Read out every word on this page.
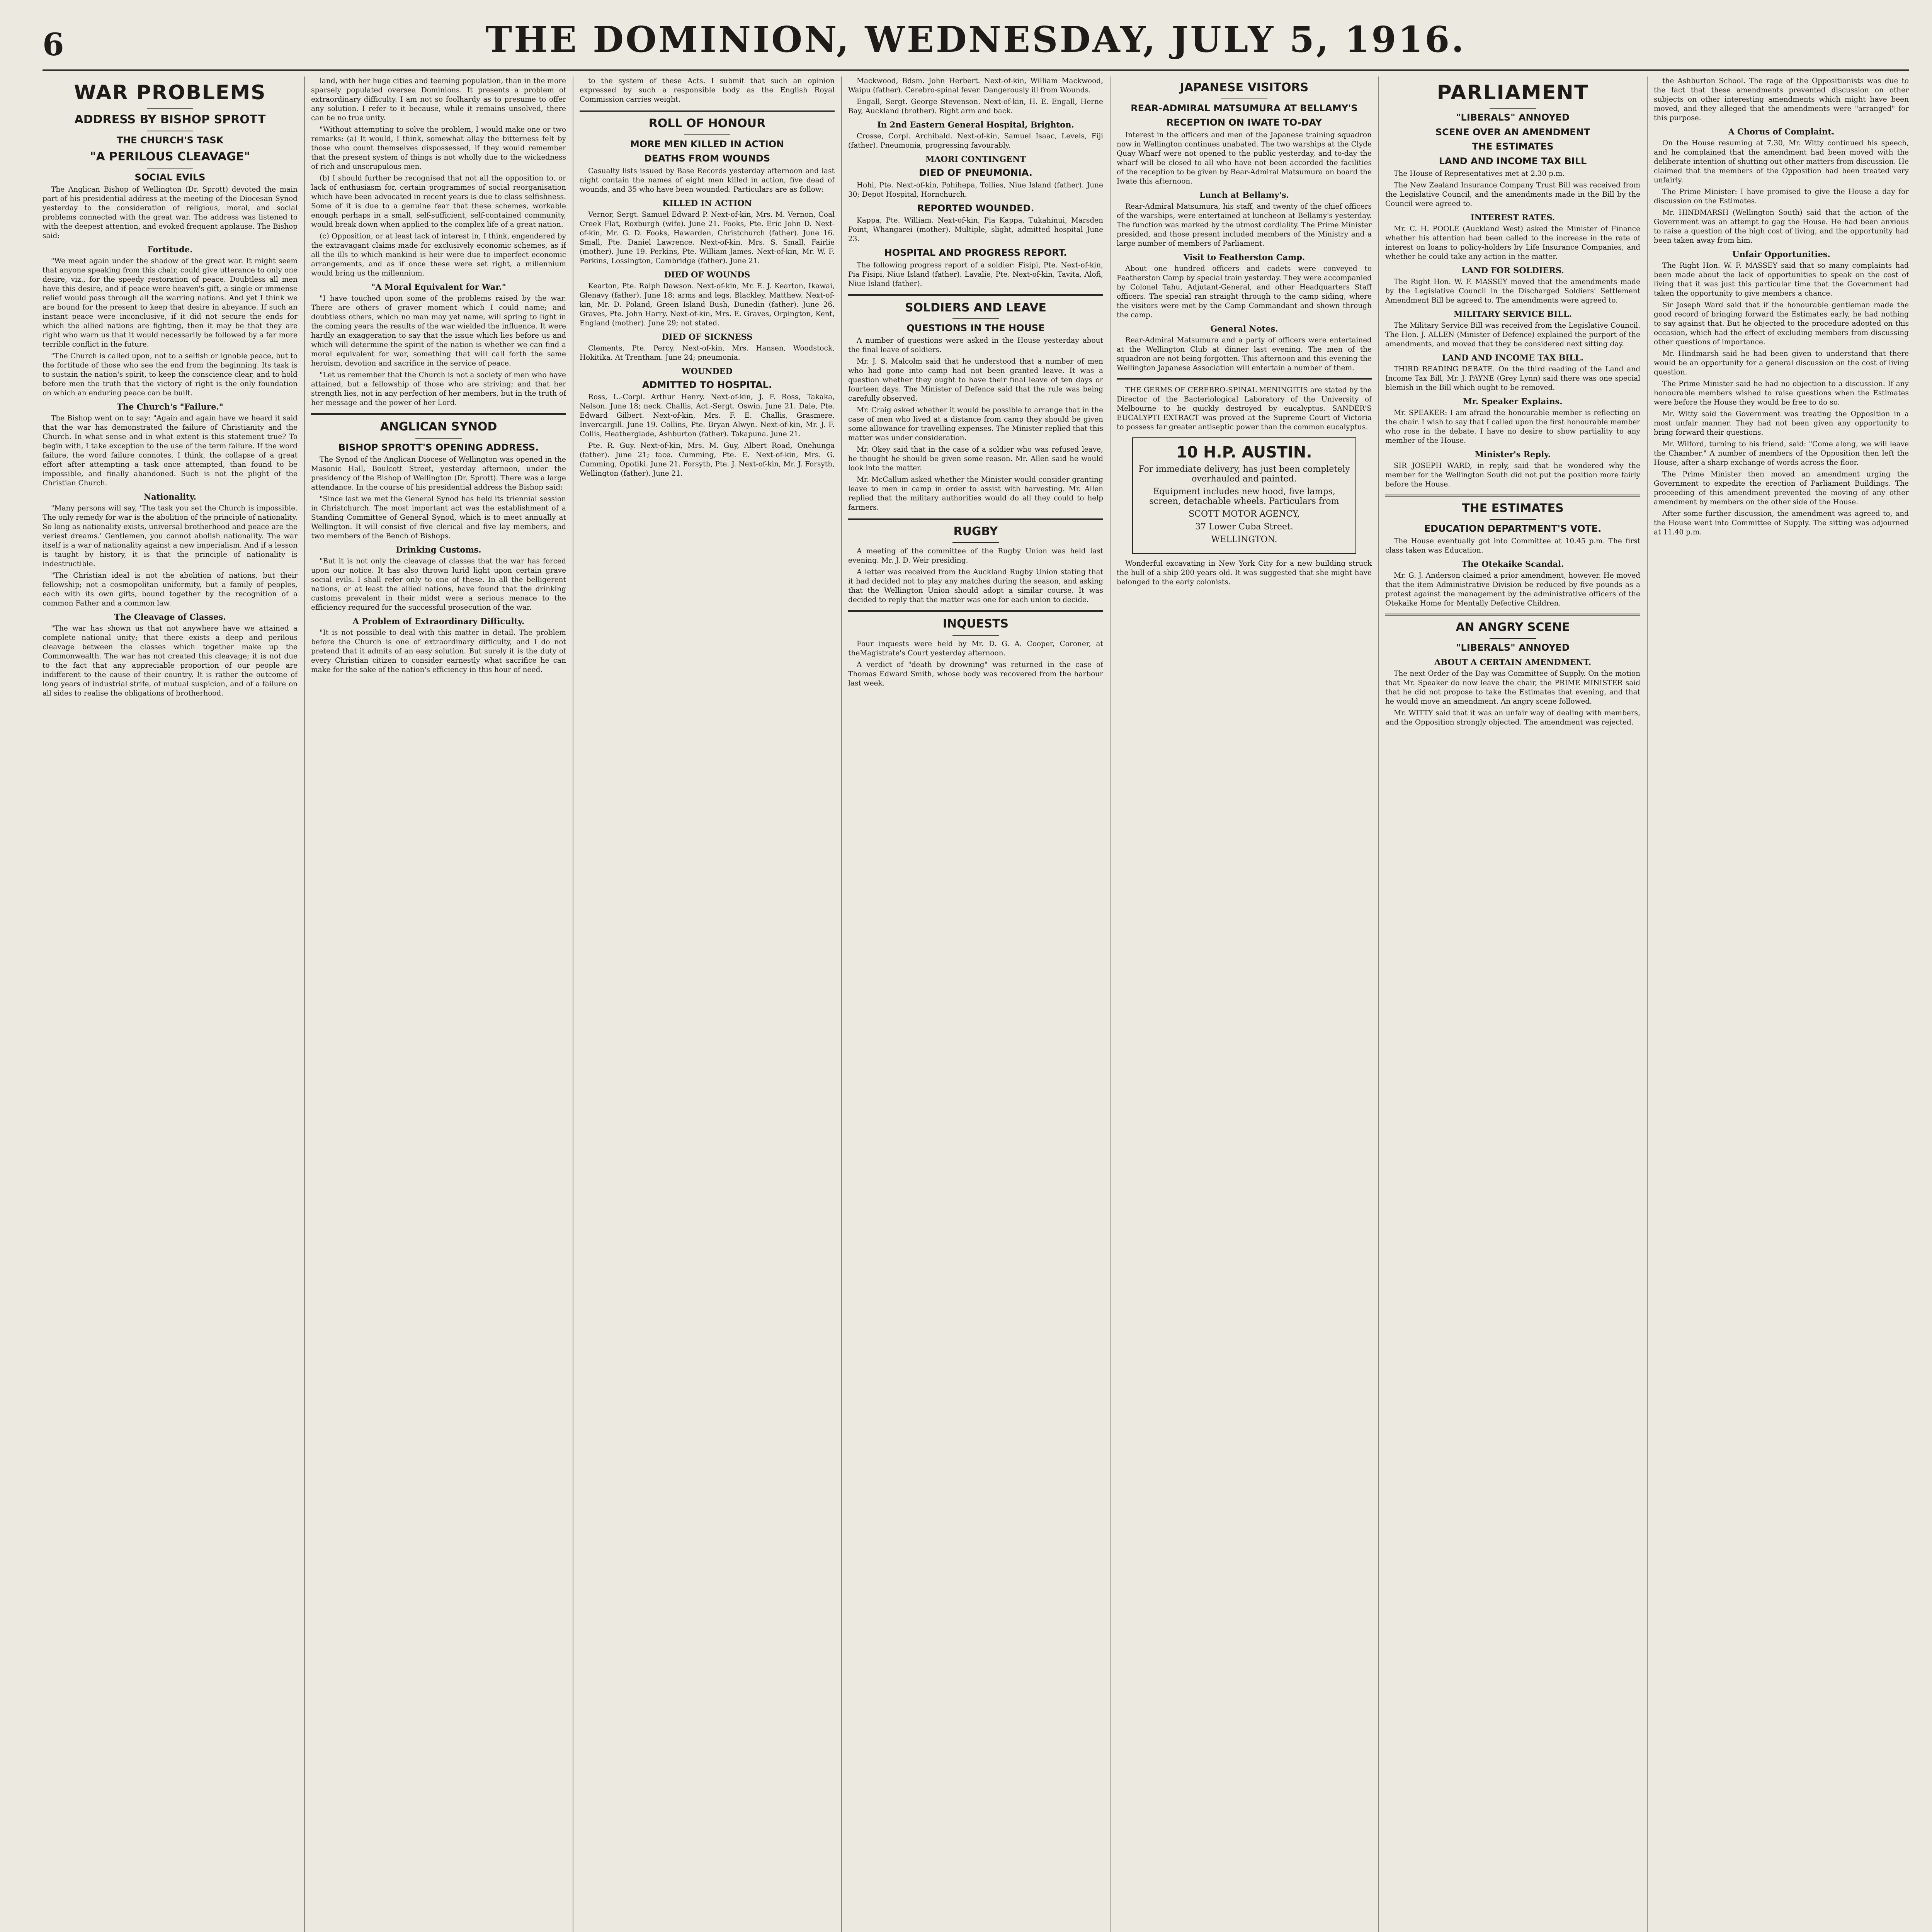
6	THE DOMINION, WEDNESDAY, JULY 5, 1916.
WAR PROBLEMS
ADDRESS BY BISHOP SPROTT
THE CHURCH'S TASK
"A PERILOUS CLEAVAGE"
SOCIAL EVILS

The Anglican Bishop of Wellington (Dr. Sprott) devoted the main part of his presidential address at the meeting of the Diocesan Synod yesterday to the consideration of religious, moral, and social problems connected with the great war. The address was listened to with the deepest attention, and evoked frequent applause. The Bishop said:

Fortitude.

"We meet again under the shadow of the great war. It might seem that anyone speaking from this chair, could give utterance to only one desire, viz., for the speedy restoration of peace. Doubtless all men have this desire, and if peace were heaven's gift, a single or immense relief would pass through all the warring nations. And yet I think we are bound for the present to keep that desire in abeyance. If such an instant peace were inconclusive, if it did not secure the ends for which the allied nations are fighting, then it may be that they are right who warn us that it would necessarily be followed by a far more terrible conflict in the future.

"The Church is called upon, not to a selfish or ignoble peace, but to the fortitude of those who see the end from the beginning. Its task is to sustain the nation's spirit, to keep the conscience clear, and to hold before men the truth that the victory of right is the only foundation on which an enduring peace can be built.

The Church's "Failure."

The Bishop went on to say: "Again and again have we heard it said that the war has demonstrated the failure of Christianity and the Church. In what sense and in what extent is this statement true? To begin with, I take exception to the use of the term failure. If the word failure, the word failure connotes, I think, the collapse of a great effort after attempting a task once attempted, than found to be impossible, and finally abandoned. Such is not the plight of the Christian Church.

Nationality.

"Many persons will say, 'The task you set the Church is impossible. The only remedy for war is the abolition of the principle of nationality. So long as nationality exists, universal brotherhood and peace are the veriest dreams.' Gentlemen, you cannot abolish nationality. The war itself is a war of nationality against a new imperialism. And if a lesson is taught by history, it is that the principle of nationality is indestructible.

"The Christian ideal is not the abolition of nations, but their fellowship; not a cosmopolitan uniformity, but a family of peoples, each with its own gifts, bound together by the recognition of a common Father and a common law.

The Cleavage of Classes.

"The war has shown us that not anywhere have we attained a complete national unity; that there exists a deep and perilous cleavage between the classes which together make up the Commonwealth. The war has not created this cleavage; it is not due to the fact that any appreciable proportion of our people are indifferent to the cause of their country. It is rather the outcome of long years of industrial strife, of mutual suspicion, and of a failure on all sides to realise the obligations of brotherhood.

land, with her huge cities and teeming population, than in the more sparsely populated oversea Dominions. It presents a problem of extraordinary difficulty. I am not so foolhardy as to presume to offer any solution. I refer to it because, while it remains unsolved, there can be no true unity.

"Without attempting to solve the problem, I would make one or two remarks: (a) It would, I think, somewhat allay the bitterness felt by those who count themselves dispossessed, if they would remember that the present system of things is not wholly due to the wickedness of rich and unscrupulous men.

(b) I should further be recognised that not all the opposition to, or lack of enthusiasm for, certain programmes of social reorganisation which have been advocated in recent years is due to class selfishness. Some of it is due to a genuine fear that these schemes, workable enough perhaps in a small, self-sufficient, self-contained community, would break down when applied to the complex life of a great nation.

(c) Opposition, or at least lack of interest in, I think, engendered by the extravagant claims made for exclusively economic schemes, as if all the ills to which mankind is heir were due to imperfect economic arrangements, and as if once these were set right, a millennium would bring us the millennium.

"A Moral Equivalent for War."

"I have touched upon some of the problems raised by the war. There are others of graver moment which I could name; and doubtless others, which no man may yet name, will spring to light in the coming years the results of the war wielded the influence. It were hardly an exaggeration to say that the issue which lies before us and which will determine the spirit of the nation is whether we can find a moral equivalent for war, something that will call forth the same heroism, devotion and sacrifice in the service of peace.

"Let us remember that the Church is not a society of men who have attained, but a fellowship of those who are striving; and that her strength lies, not in any perfection of her members, but in the truth of her message and the power of her Lord.

ANGLICAN SYNOD
BISHOP SPROTT'S OPENING ADDRESS.

The Synod of the Anglican Diocese of Wellington was opened in the Masonic Hall, Boulcott Street, yesterday afternoon, under the presidency of the Bishop of Wellington (Dr. Sprott). There was a large attendance. In the course of his presidential address the Bishop said:

"Since last we met the General Synod has held its triennial session in Christchurch. The most important act was the establishment of a Standing Committee of General Synod, which is to meet annually at Wellington. It will consist of five clerical and five lay members, and two members of the Bench of Bishops.

Drinking Customs.

"But it is not only the cleavage of classes that the war has forced upon our notice. It has also thrown lurid light upon certain grave social evils. I shall refer only to one of these. In all the belligerent nations, or at least the allied nations, have found that the drinking customs prevalent in their midst were a serious menace to the efficiency required for the successful prosecution of the war.

A Problem of Extraordinary Difficulty.

"It is not possible to deal with this matter in detail. The problem before the Church is one of extraordinary difficulty, and I do not pretend that it admits of an easy solution. But surely it is the duty of every Christian citizen to consider earnestly what sacrifice he can make for the sake of the nation's efficiency in this hour of need.

to the system of these Acts. I submit that such an opinion expressed by such a responsible body as the English Royal Commission carries weight.

ROLL OF HONOUR
MORE MEN KILLED IN ACTION
DEATHS FROM WOUNDS

Casualty lists issued by Base Records yesterday afternoon and last night contain the names of eight men killed in action, five dead of wounds, and 35 who have been wounded. Particulars are as follow:

KILLED IN ACTION

Vernor, Sergt. Samuel Edward P. Next-of-kin, Mrs. M. Vernon, Coal Creek Flat, Roxburgh (wife). June 21. Fooks, Pte. Eric John D. Next-of-kin, Mr. G. D. Fooks, Hawarden, Christchurch (father). June 16. Small, Pte. Daniel Lawrence. Next-of-kin, Mrs. S. Small, Fairlie (mother). June 19. Perkins, Pte. William James. Next-of-kin, Mr. W. F. Perkins, Lossington, Cambridge (father). June 21.

DIED OF WOUNDS

Kearton, Pte. Ralph Dawson. Next-of-kin, Mr. E. J. Kearton, Ikawai, Glenavy (father). June 18; arms and legs. Blackley, Matthew. Next-of-kin, Mr. D. Poland, Green Island Bush, Dunedin (father). June 26. Graves, Pte. John Harry. Next-of-kin, Mrs. E. Graves, Orpington, Kent, England (mother). June 29; not stated.

DIED OF SICKNESS

Clements, Pte. Percy. Next-of-kin, Mrs. Hansen, Woodstock, Hokitika. At Trentham. June 24; pneumonia.

WOUNDED
ADMITTED TO HOSPITAL.

Ross, L.-Corpl. Arthur Henry. Next-of-kin, J. F. Ross, Takaka, Nelson. June 18; neck. Challis, Act.-Sergt. Oswin. June 21. Dale, Pte. Edward Gilbert. Next-of-kin, Mrs. F. E. Challis, Grasmere, Invercargill. June 19. Collins, Pte. Bryan Alwyn. Next-of-kin, Mr. J. F. Collis, Heatherglade, Ashburton (father). Takapuna. June 21.

Pte. R. Guy. Next-of-kin, Mrs. M. Guy, Albert Road, Onehunga (father). June 21; face. Cumming, Pte. E. Next-of-kin, Mrs. G. Cumming, Opotiki. June 21. Forsyth, Pte. J. Next-of-kin, Mr. J. Forsyth, Wellington (father). June 21.

Mackwood, Bdsm. John Herbert. Next-of-kin, William Mackwood, Waipu (father). Cerebro-spinal fever. Dangerously ill from Wounds.

Engall, Sergt. George Stevenson. Next-of-kin, H. E. Engall, Herne Bay, Auckland (brother). Right arm and back.

In 2nd Eastern General Hospital, Brighton.

Crosse, Corpl. Archibald. Next-of-kin, Samuel Isaac, Levels, Fiji (father). Pneumonia, progressing favourably.

MAORI CONTINGENT
DIED OF PNEUMONIA.

Hohi, Pte. Next-of-kin, Pohihepa, Tollies, Niue Island (father). June 30; Depot Hospital, Hornchurch.

REPORTED WOUNDED.

Kappa, Pte. William. Next-of-kin, Pia Kappa, Tukahinui, Marsden Point, Whangarei (mother). Multiple, slight, admitted hospital June 23.

HOSPITAL AND PROGRESS REPORT.

The following progress report of a soldier: Fisipi, Pte. Next-of-kin, Pia Fisipi, Niue Island (father). Lavalie, Pte. Next-of-kin, Tavita, Alofi, Niue Island (father).

SOLDIERS AND LEAVE
QUESTIONS IN THE HOUSE

A number of questions were asked in the House yesterday about the final leave of soldiers.

Mr. J. S. Malcolm said that he understood that a number of men who had gone into camp had not been granted leave. It was a question whether they ought to have their final leave of ten days or fourteen days. The Minister of Defence said that the rule was being carefully observed.

Mr. Craig asked whether it would be possible to arrange that in the case of men who lived at a distance from camp they should be given some allowance for travelling expenses. The Minister replied that this matter was under consideration.

Mr. Okey said that in the case of a soldier who was refused leave, he thought he should be given some reason. Mr. Allen said he would look into the matter.

Mr. McCallum asked whether the Minister would consider granting leave to men in camp in order to assist with harvesting. Mr. Allen replied that the military authorities would do all they could to help farmers.

RUGBY

A meeting of the committee of the Rugby Union was held last evening. Mr. J. D. Weir presiding.

A letter was received from the Auckland Rugby Union stating that it had decided not to play any matches during the season, and asking that the Wellington Union should adopt a similar course. It was decided to reply that the matter was one for each union to decide.

INQUESTS

Four inquests were held by Mr. D. G. A. Cooper, Coroner, at theMagistrate's Court yesterday afternoon.

A verdict of "death by drowning" was returned in the case of Thomas Edward Smith, whose body was recovered from the harbour last week.

JAPANESE VISITORS
REAR-ADMIRAL MATSUMURA AT BELLAMY'S
RECEPTION ON IWATE TO-DAY

Interest in the officers and men of the Japanese training squadron now in Wellington continues unabated. The two warships at the Clyde Quay Wharf were not opened to the public yesterday, and to-day the wharf will be closed to all who have not been accorded the facilities of the reception to be given by Rear-Admiral Matsumura on board the Iwate this afternoon.

Lunch at Bellamy's.

Rear-Admiral Matsumura, his staff, and twenty of the chief officers of the warships, were entertained at luncheon at Bellamy's yesterday. The function was marked by the utmost cordiality. The Prime Minister presided, and those present included members of the Ministry and a large number of members of Parliament.

Visit to Featherston Camp.

About one hundred officers and cadets were conveyed to Featherston Camp by special train yesterday. They were accompanied by Colonel Tahu, Adjutant-General, and other Headquarters Staff officers. The special ran straight through to the camp siding, where the visitors were met by the Camp Commandant and shown through the camp.

General Notes.

Rear-Admiral Matsumura and a party of officers were entertained at the Wellington Club at dinner last evening. The men of the squadron are not being forgotten. This afternoon and this evening the Wellington Japanese Association will entertain a number of them.

THE GERMS OF CEREBRO-SPINAL MENINGITIS are stated by the Director of the Bacteriological Laboratory of the University of Melbourne to be quickly destroyed by eucalyptus. SANDER'S EUCALYPTI EXTRACT was proved at the Supreme Court of Victoria to possess far greater antiseptic power than the common eucalyptus.

10 H.P. AUSTIN.
For immediate delivery, has just been completely overhauled and painted.
Equipment includes new hood, five lamps, screen, detachable wheels. Particulars from
SCOTT MOTOR AGENCY,
37 Lower Cuba Street.
WELLINGTON.

Wonderful excavating in New York City for a new building struck the hull of a ship 200 years old. It was suggested that she might have belonged to the early colonists.

PARLIAMENT
"LIBERALS" ANNOYED
SCENE OVER AN AMENDMENT
THE ESTIMATES
LAND AND INCOME TAX BILL

The House of Representatives met at 2.30 p.m.

The New Zealand Insurance Company Trust Bill was received from the Legislative Council, and the amendments made in the Bill by the Council were agreed to.

INTEREST RATES.

Mr. C. H. POOLE (Auckland West) asked the Minister of Finance whether his attention had been called to the increase in the rate of interest on loans to policy-holders by Life Insurance Companies, and whether he could take any action in the matter.

LAND FOR SOLDIERS.

The Right Hon. W. F. MASSEY moved that the amendments made by the Legislative Council in the Discharged Soldiers' Settlement Amendment Bill be agreed to. The amendments were agreed to.

MILITARY SERVICE BILL.

The Military Service Bill was received from the Legislative Council. The Hon. J. ALLEN (Minister of Defence) explained the purport of the amendments, and moved that they be considered next sitting day.

LAND AND INCOME TAX BILL.

THIRD READING DEBATE. On the third reading of the Land and Income Tax Bill, Mr. J. PAYNE (Grey Lynn) said there was one special blemish in the Bill which ought to be removed.

Mr. Speaker Explains.

Mr. SPEAKER: I am afraid the honourable member is reflecting on the chair. I wish to say that I called upon the first honourable member who rose in the debate. I have no desire to show partiality to any member of the House.

Minister's Reply.

SIR JOSEPH WARD, in reply, said that he wondered why the member for the Wellington South did not put the position more fairly before the House.

THE ESTIMATES
EDUCATION DEPARTMENT'S VOTE.

The House eventually got into Committee at 10.45 p.m. The first class taken was Education.

The Otekaike Scandal.

Mr. G. J. Anderson claimed a prior amendment, however. He moved that the item Administrative Division be reduced by five pounds as a protest against the management by the administrative officers of the Otekaike Home for Mentally Defective Children.

AN ANGRY SCENE
"LIBERALS" ANNOYED
ABOUT A CERTAIN AMENDMENT.

The next Order of the Day was Committee of Supply. On the motion that Mr. Speaker do now leave the chair, the PRIME MINISTER said that he did not propose to take the Estimates that evening, and that he would move an amendment. An angry scene followed.

Mr. WITTY said that it was an unfair way of dealing with members, and the Opposition strongly objected. The amendment was rejected.

the Ashburton School. The rage of the Oppositionists was due to the fact that these amendments prevented discussion on other subjects on other interesting amendments which might have been moved, and they alleged that the amendments were "arranged" for this purpose.

A Chorus of Complaint.

On the House resuming at 7.30, Mr. Witty continued his speech, and he complained that the amendment had been moved with the deliberate intention of shutting out other matters from discussion. He claimed that the members of the Opposition had been treated very unfairly.

The Prime Minister: I have promised to give the House a day for discussion on the Estimates.

Mr. HINDMARSH (Wellington South) said that the action of the Government was an attempt to gag the House. He had been anxious to raise a question of the high cost of living, and the opportunity had been taken away from him.

Unfair Opportunities.

The Right Hon. W. F. MASSEY said that so many complaints had been made about the lack of opportunities to speak on the cost of living that it was just this particular time that the Government had taken the opportunity to give members a chance.

Sir Joseph Ward said that if the honourable gentleman made the good record of bringing forward the Estimates early, he had nothing to say against that. But he objected to the procedure adopted on this occasion, which had the effect of excluding members from discussing other questions of importance.

Mr. Hindmarsh said he had been given to understand that there would be an opportunity for a general discussion on the cost of living question.

The Prime Minister said he had no objection to a discussion. If any honourable members wished to raise questions when the Estimates were before the House they would be free to do so.

Mr. Witty said the Government was treating the Opposition in a most unfair manner. They had not been given any opportunity to bring forward their questions.

Mr. Wilford, turning to his friend, said: "Come along, we will leave the Chamber." A number of members of the Opposition then left the House, after a sharp exchange of words across the floor.

The Prime Minister then moved an amendment urging the Government to expedite the erection of Parliament Buildings. The proceeding of this amendment prevented the moving of any other amendment by members on the other side of the House.

After some further discussion, the amendment was agreed to, and the House went into Committee of Supply. The sitting was adjourned at 11.40 p.m.
